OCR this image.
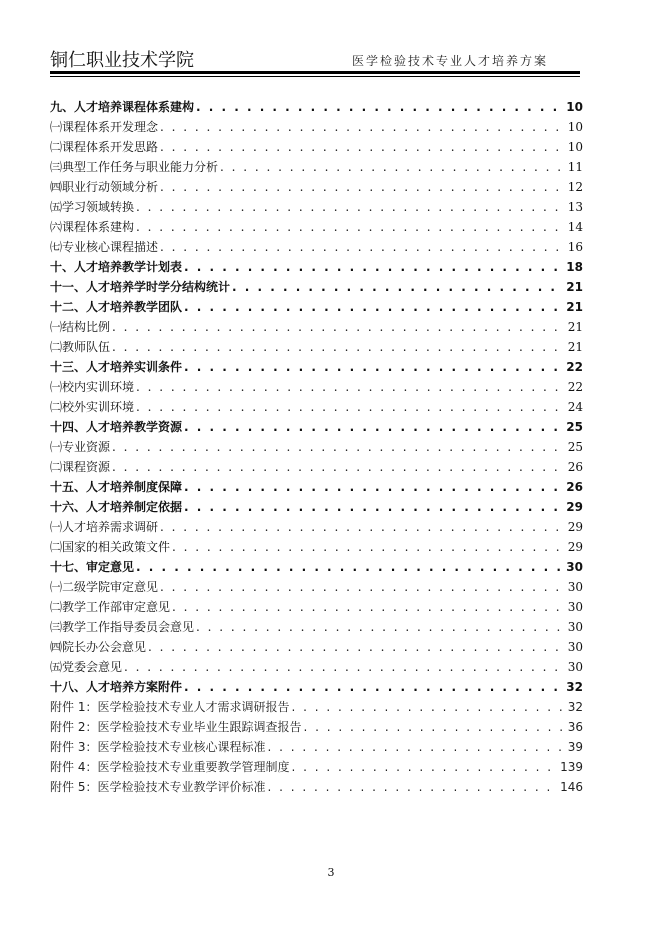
铜仁职业技术学院	医学检验技术专业人才培养方案
九、人才培养课程体系建构 . . .	10
㈠课程体系开发理念 . . .	10
㈡课程体系开发思路 . . .	10
㈢典型工作任务与职业能力分析 . . .	11
㈣职业行动领域分析 . . .	12
㈤学习领域转换 . . .	13
㈥课程体系建构 . . .	14
㈦专业核心课程描述 . . .	16
十、人才培养教学计划表 . . .	18
十一、人才培养学时学分结构统计 . . .	21
十二、人才培养教学团队 . . .	21
㈠结构比例 . . .	21
㈡教师队伍 . . .	21
十三、人才培养实训条件 . . .	22
㈠校内实训环境 . . .	22
㈡校外实训环境 . . .	24
十四、人才培养教学资源 . . .	25
㈠专业资源 . . .	25
㈡课程资源 . . .	26
十五、人才培养制度保障 . . .	26
十六、人才培养制定依据 . . .	29
㈠人才培养需求调研 . . .	29
㈡国家的相关政策文件 . . .	29
十七、审定意见 . . .	30
㈠二级学院审定意见 . . .	30
㈡教学工作部审定意见 . . .	30
㈢教学工作指导委员会意见 . . .	30
㈣院长办公会意见 . . .	30
㈤党委会意见 . . .	30
十八、人才培养方案附件 . . .	32
附件 1：医学检验技术专业人才需求调研报告 . . .	32
附件 2：医学检验技术专业毕业生跟踪调查报告 . . .	36
附件 3：医学检验技术专业核心课程标准 . . .	39
附件 4：医学检验技术专业重要教学管理制度 . . .	139
附件 5：医学检验技术专业教学评价标准 . . .	146
3
